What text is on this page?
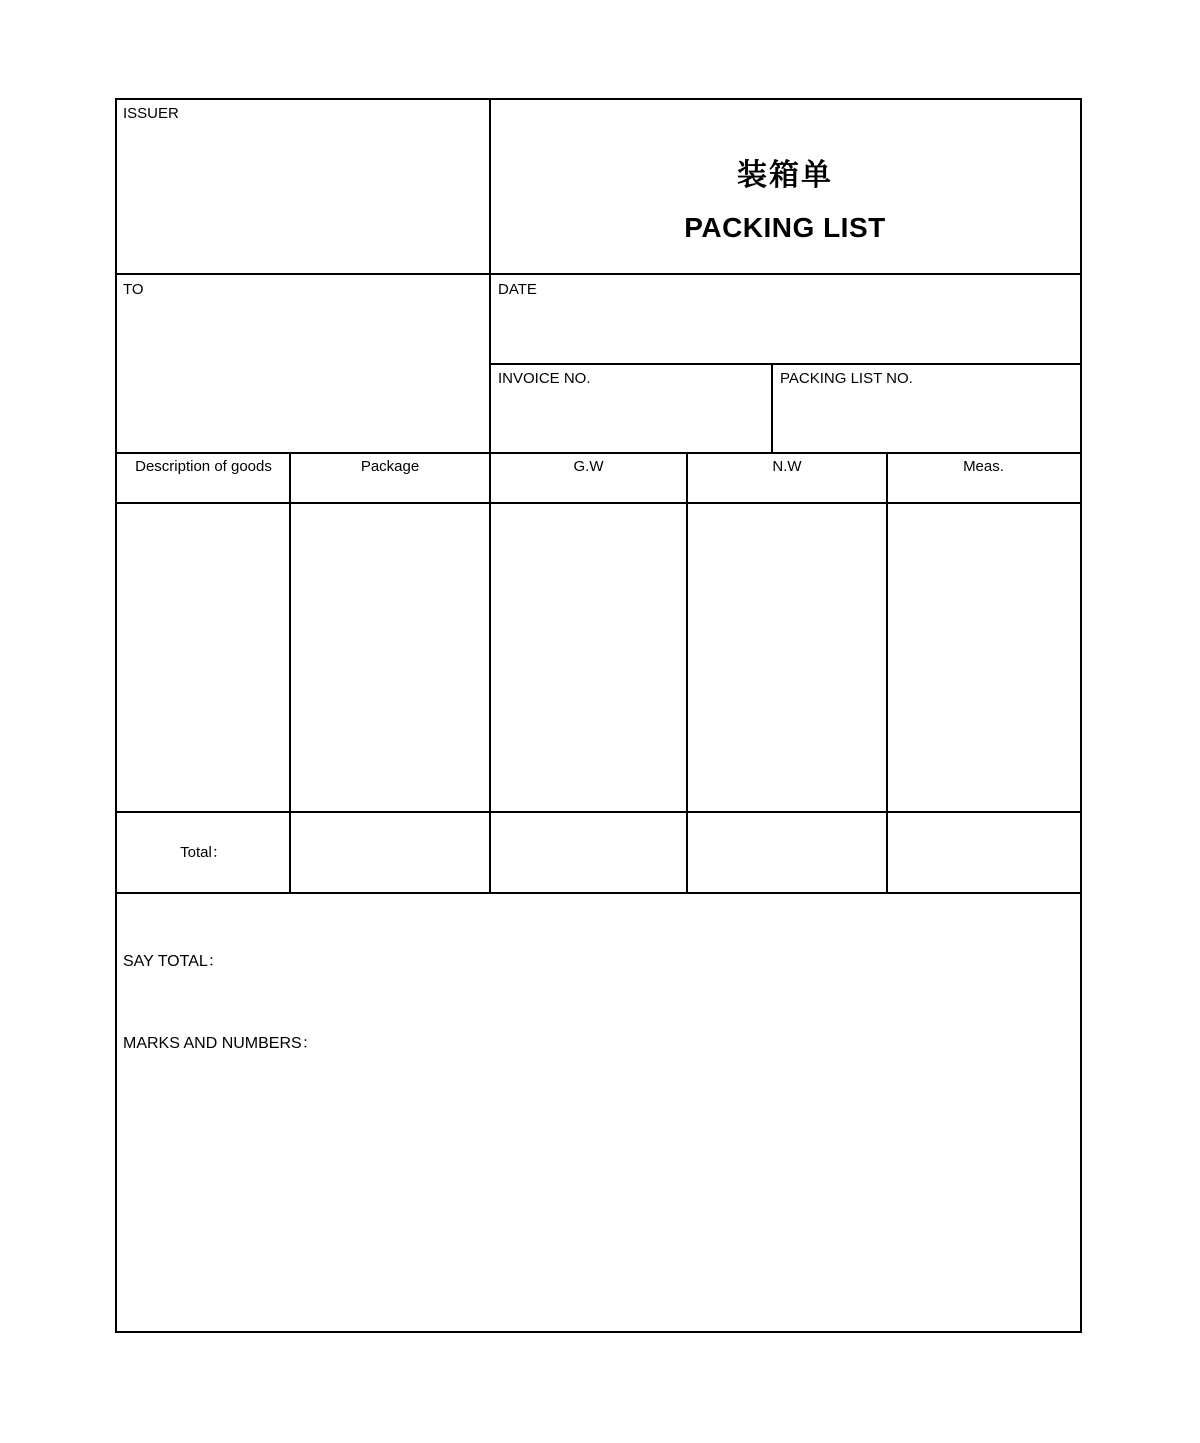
ISSUER
装箱单
PACKING LIST
TO	DATE
INVOICE NO.	PACKING LIST NO.
Description of goods	Package	G.W	N.W	Meas.
Total：
SAY TOTAL：
MARKS AND NUMBERS：
